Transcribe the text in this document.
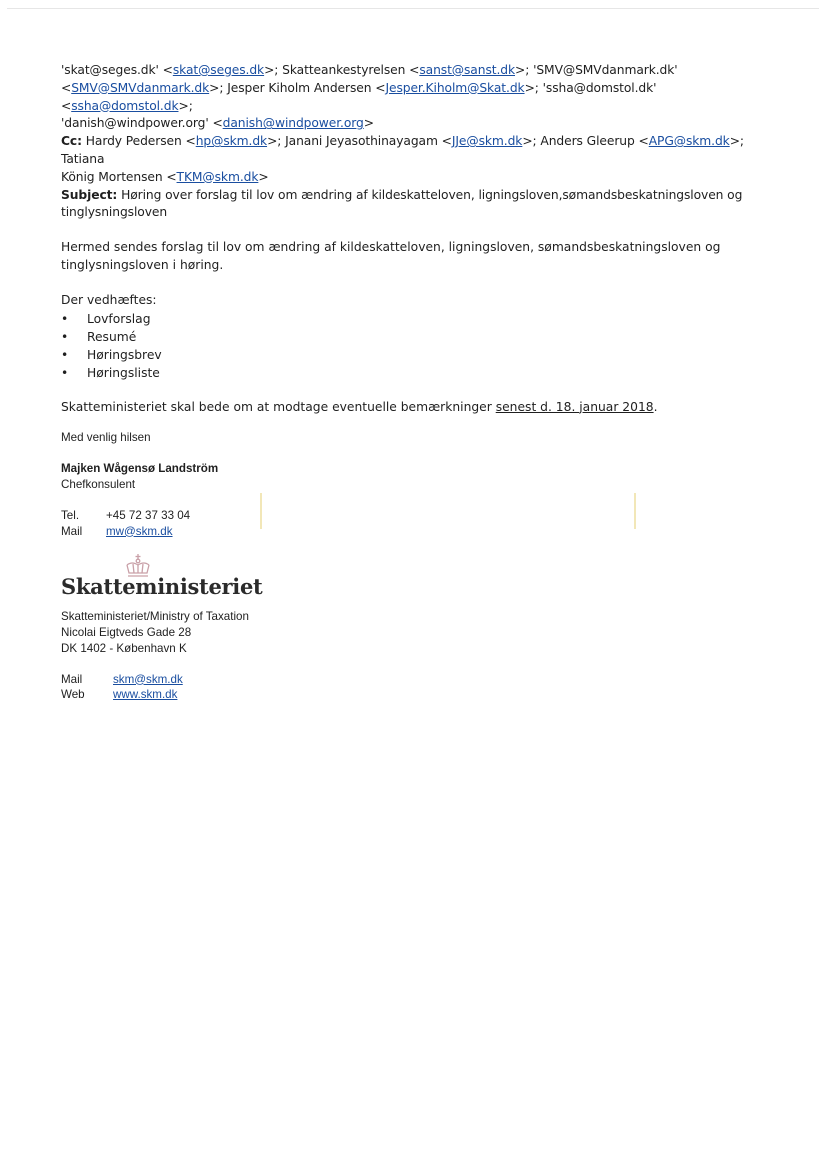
'skat@seges.dk' <skat@seges.dk>; Skatteankestyrelsen <sanst@sanst.dk>; 'SMV@SMVdanmark.dk'

<SMV@SMVdanmark.dk>; Jesper Kiholm Andersen <Jesper.Kiholm@Skat.dk>; 'ssha@domstol.dk' <ssha@domstol.dk>;

'danish@windpower.org' <danish@windpower.org>

Cc: Hardy Pedersen <hp@skm.dk>; Janani Jeyasothinayagam <JJe@skm.dk>; Anders Gleerup <APG@skm.dk>; Tatiana

König Mortensen <TKM@skm.dk>

Subject: Høring over forslag til lov om ændring af kildeskatteloven, ligningsloven,sømandsbeskatningsloven og

tinglysningsloven

Hermed sendes forslag til lov om ændring af kildeskatteloven, ligningsloven, sømandsbeskatningsloven og

tinglysningsloven i høring.

Der vedhæftes:

• Lovforslag
• Resumé
• Høringsbrev
• Høringsliste

Skatteministeriet skal bede om at modtage eventuelle bemærkninger senest d. 18. januar 2018.

Med venlig hilsen

Majken Wågensø Landström

Chefkonsulent

Tel.	+45 72 37 33 04
Mail	mw@skm.dk
Skatteministeriet

Skatteministeriet/Ministry of Taxation

Nicolai Eigtveds Gade 28

DK 1402 - København K

Mail	skm@skm.dk
Web	www.skm.dk
